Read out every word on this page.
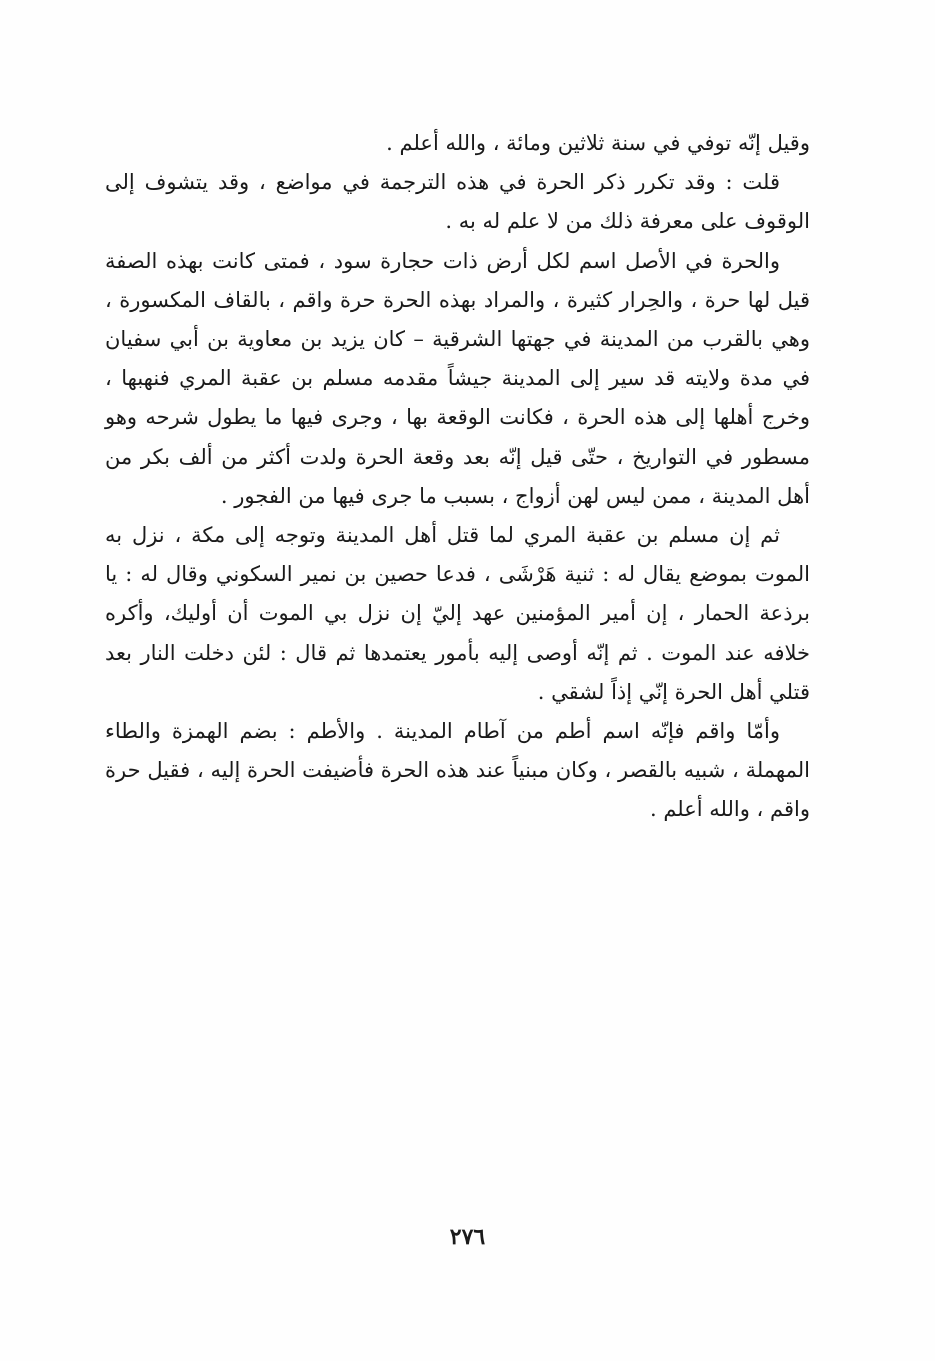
وقيل إنّه توفي في سنة ثلاثين ومائة ، والله أعلم .

قلت : وقد تكرر ذكر الحرة في هذه الترجمة في مواضع ، وقد يتشوف إلى الوقوف على معرفة ذلك من لا علم له به .

والحرة في الأصل اسم لكل أرض ذات حجارة سود ، فمتى كانت بهذه الصفة قيل لها حرة ، والحِرار كثيرة ، والمراد بهذه الحرة حرة واقم ، بالقاف المكسورة ، وهي بالقرب من المدينة في جهتها الشرقية – كان يزيد بن معاوية بن أبي سفيان في مدة ولايته قد سير إلى المدينة جيشاً مقدمه مسلم بن عقبة المري فنهبها ، وخرج أهلها إلى هذه الحرة ، فكانت الوقعة بها ، وجرى فيها ما يطول شرحه وهو مسطور في التواريخ ، حتّى قيل إنّه بعد وقعة الحرة ولدت أكثر من ألف بكر من أهل المدينة ، ممن ليس لهن أزواج ، بسبب ما جرى فيها من الفجور .

ثم إن مسلم بن عقبة المري لما قتل أهل المدينة وتوجه إلى مكة ، نزل به الموت بموضع يقال له : ثنية هَرْشَى ، فدعا حصين بن نمير السكوني وقال له : يا برذعة الحمار ، إن أمير المؤمنين عهد إليّ إن نزل بي الموت أن أوليك، وأكره خلافه عند الموت . ثم إنّه أوصى إليه بأمور يعتمدها ثم قال : لئن دخلت النار بعد قتلي أهل الحرة إنّي إذاً لشقي .

وأمّا واقم فإنّه اسم أطم من آطام المدينة . والأطم : بضم الهمزة والطاء المهملة ، شبيه بالقصر ، وكان مبنياً عند هذه الحرة فأضيفت الحرة إليه ، فقيل حرة واقم ، والله أعلم .

٢٧٦
